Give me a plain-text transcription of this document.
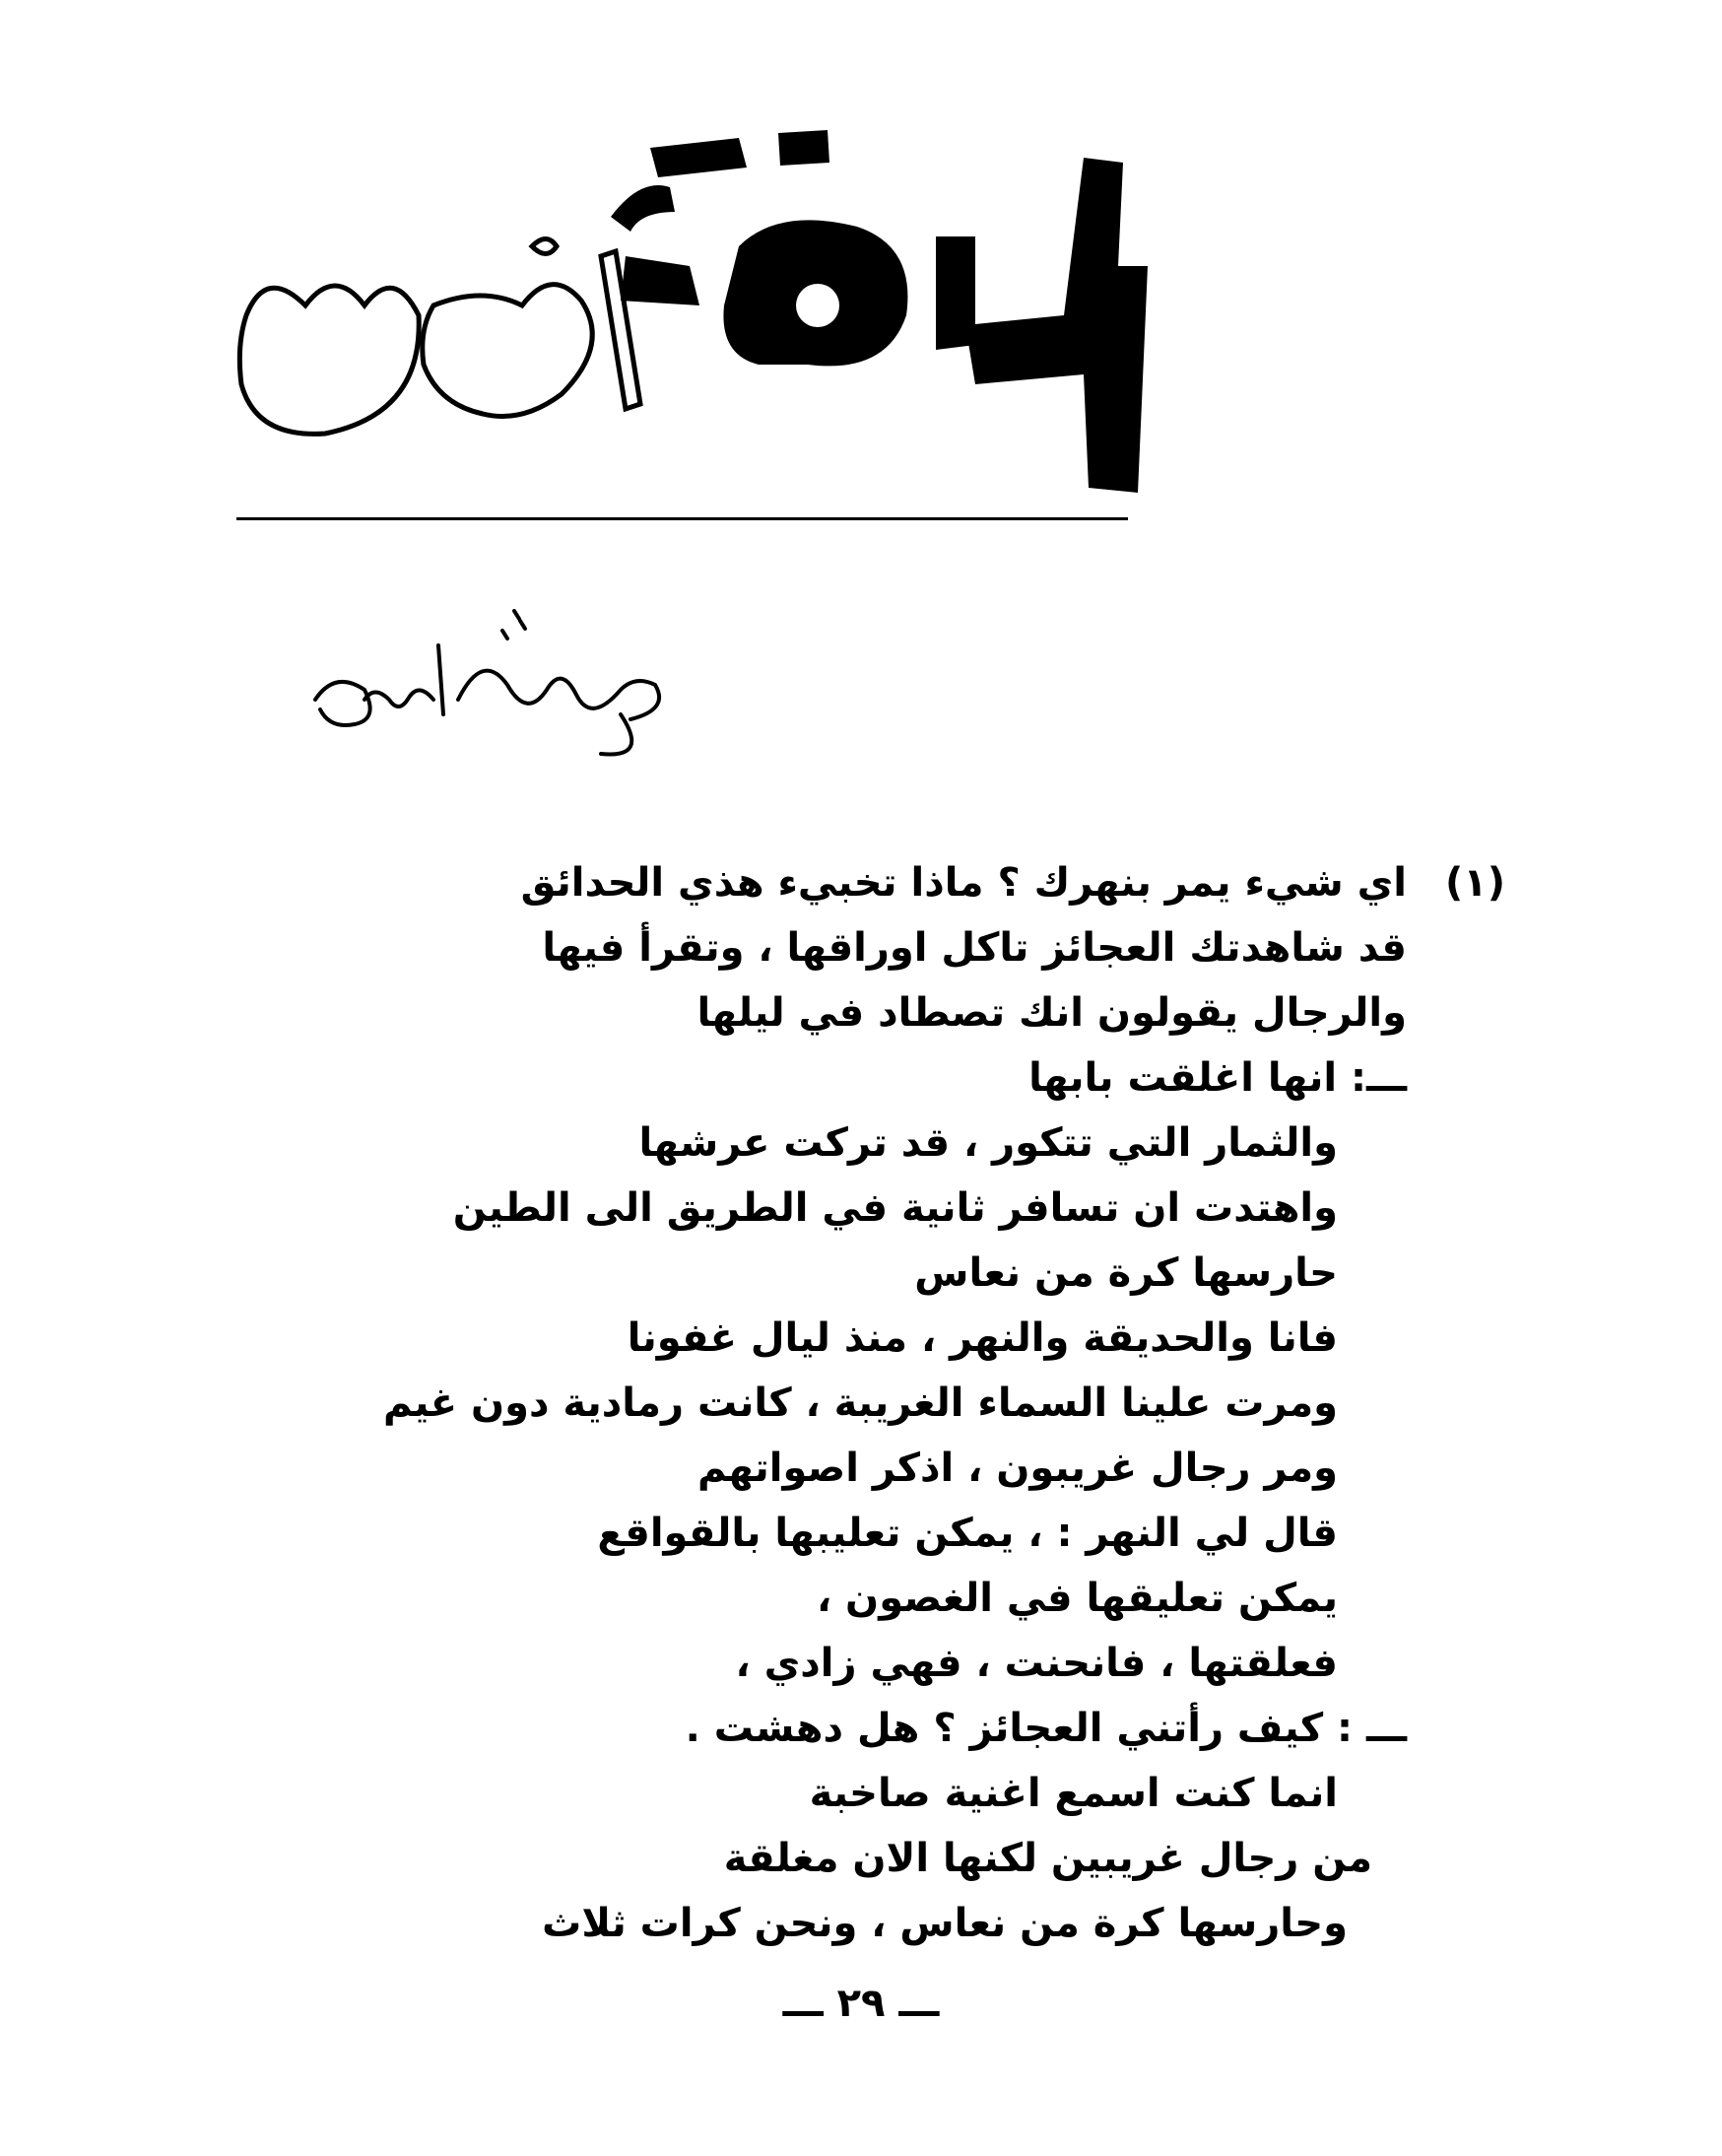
(١)
اي شيء يمر بنهرك ؟ ماذا تخبيء هذي الحدائق
قد شاهدتك العجائز تاكل اوراقها ، وتقرأ فيها
والرجال يقولون انك تصطاد في ليلها
ـــ: انها اغلقت بابها
والثمار التي تتكور ، قد تركت عرشها
واهتدت ان تسافر ثانية في الطريق الى الطين
حارسها كرة من نعاس
فانا والحديقة والنهر ، منذ ليال غفونا
ومرت علينا السماء الغريبة ، كانت رمادية دون غيم
ومر رجال غريبون ، اذكر اصواتهم
قال لي النهر : ، يمكن تعليبها بالقواقع
يمكن تعليقها في الغصون ،
فعلقتها ، فانحنت ، فهي زادي ،
ـــ : كيف رأتني العجائز ؟ هل دهشت .
انما كنت اسمع اغنية صاخبة
من رجال غريبين لكنها الان مغلقة
وحارسها كرة من نعاس ، ونحن كرات ثلاث
ـــ ٢٩ ـــ
